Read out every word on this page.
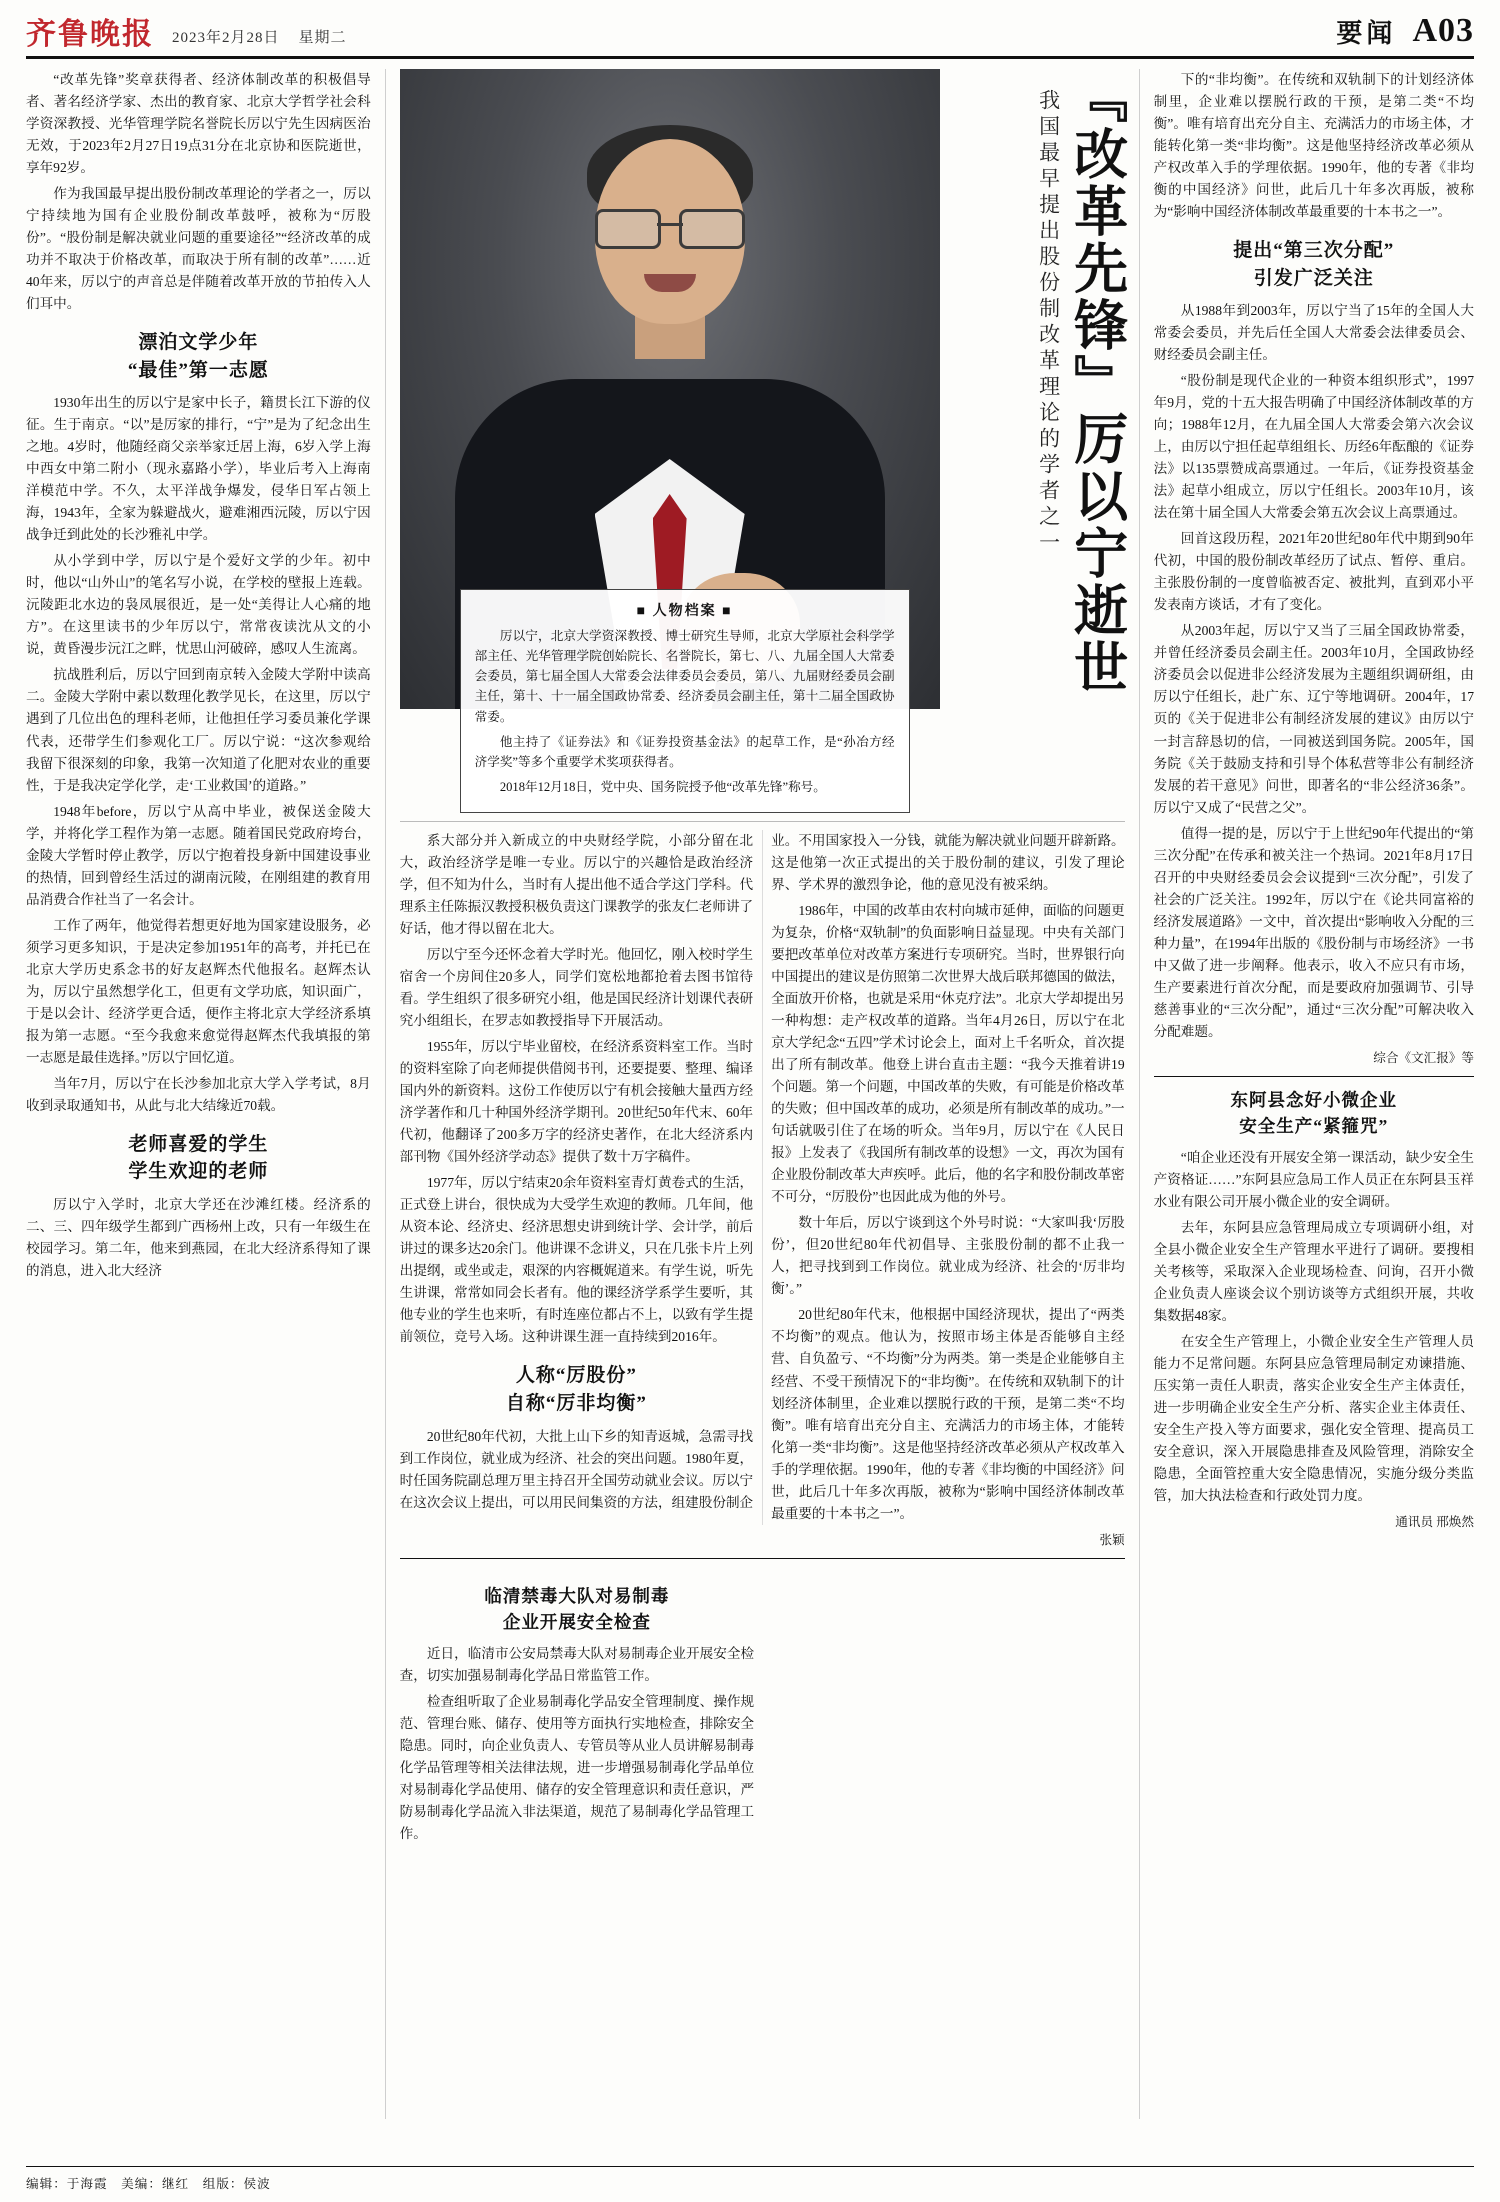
齐鲁晚报 2023年2月28日 星期二	要闻 A03

“改革先锋”奖章获得者、经济体制改革的积极倡导者、著名经济学家、杰出的教育家、北京大学哲学社会科学资深教授、光华管理学院名誉院长厉以宁先生因病医治无效，于2023年2月27日19点31分在北京协和医院逝世，享年92岁。

作为我国最早提出股份制改革理论的学者之一，厉以宁持续地为国有企业股份制改革鼓呼，被称为“厉股份”。“股份制是解决就业问题的重要途径”“经济改革的成功并不取决于价格改革，而取决于所有制的改革”……近40年来，厉以宁的声音总是伴随着改革开放的节拍传入人们耳中。

漂泊文学少年
“最佳”第一志愿

1930年出生的厉以宁是家中长子，籍贯长江下游的仪征。生于南京。“以”是厉家的排行，“宁”是为了纪念出生之地。4岁时，他随经商父亲举家迁居上海，6岁入学上海中西女中第二附小（现永嘉路小学），毕业后考入上海南洋模范中学。不久，太平洋战争爆发，侵华日军占领上海，1943年，全家为躲避战火，避难湘西沅陵，厉以宁因战争迁到此处的长沙雅礼中学。

从小学到中学，厉以宁是个爱好文学的少年。初中时，他以“山外山”的笔名写小说，在学校的壁报上连载。沅陵距北水边的袅凤展很近，是一处“美得让人心痛的地方”。在这里读书的少年厉以宁，常常夜读沈从文的小说，黄昏漫步沅江之畔，忧思山河破碎，感叹人生流离。

抗战胜利后，厉以宁回到南京转入金陵大学附中读高二。金陵大学附中素以数理化教学见长，在这里，厉以宁遇到了几位出色的理科老师，让他担任学习委员兼化学课代表，还带学生们参观化工厂。厉以宁说：“这次参观给我留下很深刻的印象，我第一次知道了化肥对农业的重要性，于是我决定学化学，走‘工业救国’的道路。”

1948年before，厉以宁从高中毕业，被保送金陵大学，并将化学工程作为第一志愿。随着国民党政府垮台，金陵大学暂时停止教学，厉以宁抱着投身新中国建设事业的热情，回到曾经生活过的湖南沅陵，在刚组建的教育用品消费合作社当了一名会计。

工作了两年，他觉得若想更好地为国家建设服务，必须学习更多知识，于是决定参加1951年的高考，并托已在北京大学历史系念书的好友赵辉杰代他报名。赵辉杰认为，厉以宁虽然想学化工，但更有文学功底，知识面广，于是以会计、经济学更合适，便作主将北京大学经济系填报为第一志愿。“至今我愈来愈觉得赵辉杰代我填报的第一志愿是最佳选择。”厉以宁回忆道。

当年7月，厉以宁在长沙参加北京大学入学考试，8月收到录取通知书，从此与北大结缘近70载。

老师喜爱的学生
学生欢迎的老师

厉以宁入学时，北京大学还在沙滩红楼。经济系的二、三、四年级学生都到广西杨州上改，只有一年级生在校园学习。第二年，他来到燕园，在北大经济系得知了课的消息，进入北大经济

■ 人物档案 ■

厉以宁，北京大学资深教授、博士研究生导师，北京大学原社会科学学部主任、光华管理学院创始院长、名誉院长，第七、八、九届全国人大常委会委员，第七届全国人大常委会法律委员会委员，第八、九届财经委员会副主任，第十、十一届全国政协常委、经济委员会副主任，第十二届全国政协常委。

他主持了《证券法》和《证券投资基金法》的起草工作，是“孙冶方经济学奖”等多个重要学术奖项获得者。

2018年12月18日，党中央、国务院授予他“改革先锋”称号。

『改革先锋』厉以宁逝世
我国最早提出股份制改革理论的学者之一

系大部分并入新成立的中央财经学院，小部分留在北大，政治经济学是唯一专业。厉以宁的兴趣恰是政治经济学，但不知为什么，当时有人提出他不适合学这门学科。代理系主任陈振汉教授积极负责这门课教学的张友仁老师讲了好话，他才得以留在北大。

厉以宁至今还怀念着大学时光。他回忆，刚入校时学生宿舍一个房间住20多人，同学们宽松地都抢着去图书馆待看。学生组织了很多研究小组，他是国民经济计划课代表研究小组组长，在罗志如教授指导下开展活动。

1955年，厉以宁毕业留校，在经济系资料室工作。当时的资料室除了向老师提供借阅书刊，还要提要、整理、编译国内外的新资料。这份工作使厉以宁有机会接触大量西方经济学著作和几十种国外经济学期刊。20世纪50年代末、60年代初，他翻译了200多万字的经济史著作，在北大经济系内部刊物《国外经济学动态》提供了数十万字稿件。

1977年，厉以宁结束20余年资料室青灯黄卷式的生活，正式登上讲台，很快成为大受学生欢迎的教师。几年间，他从资本论、经济史、经济思想史讲到统计学、会计学，前后讲过的课多达20余门。他讲课不念讲义，只在几张卡片上列出提纲，或坐或走，艰深的内容概娓道来。有学生说，听先生讲课，常常如同会长者有。他的课经济学系学生要听，其他专业的学生也来听，有时连座位都占不上，以致有学生提前领位，竞号入场。这种讲课生涯一直持续到2016年。

人称“厉股份”
自称“厉非均衡”

20世纪80年代初，大批上山下乡的知青返城，急需寻找到工作岗位，就业成为经济、社会的突出问题。1980年夏，时任国务院副总理万里主持召开全国劳动就业会议。厉以宁在这次会议上提出，可以用民间集资的方法，组建股份制企业。不用国家投入一分钱，就能为解决就业问题开辟新路。这是他第一次正式提出的关于股份制的建议，引发了理论界、学术界的激烈争论，他的意见没有被采纳。

1986年，中国的改革由农村向城市延伸，面临的问题更为复杂，价格“双轨制”的负面影响日益显现。中央有关部门要把改革单位对改革方案进行专项研究。当时，世界银行向中国提出的建议是仿照第二次世界大战后联邦德国的做法，全面放开价格，也就是采用“休克疗法”。北京大学却提出另一种构想：走产权改革的道路。当年4月26日，厉以宁在北京大学纪念“五四”学术讨论会上，面对上千名听众，首次提出了所有制改革。他登上讲台直击主题：“我今天推着讲19个问题。第一个问题，中国改革的失败，有可能是价格改革的失败；但中国改革的成功，必须是所有制改革的成功。”一句话就吸引住了在场的听众。当年9月，厉以宁在《人民日报》上发表了《我国所有制改革的设想》一文，再次为国有企业股份制改革大声疾呼。此后，他的名字和股份制改革密不可分，“厉股份”也因此成为他的外号。

数十年后，厉以宁谈到这个外号时说：“大家叫我‘厉股份’，但20世纪80年代初倡导、主张股份制的都不止我一人，把寻找到到工作岗位。就业成为经济、社会的‘厉非均衡’。”

20世纪80年代末，他根据中国经济现状，提出了“两类不均衡”的观点。他认为，按照市场主体是否能够自主经营、自负盈亏、“不均衡”分为两类。第一类是企业能够自主经营、不受干预情况下的“非均衡”。在传统和双轨制下的计划经济体制里，企业难以摆脱行政的干预，是第二类“不均衡”。唯有培育出充分自主、充满活力的市场主体，才能转化第一类“非均衡”。这是他坚持经济改革必须从产权改革入手的学理依据。1990年，他的专著《非均衡的中国经济》问世，此后几十年多次再版，被称为“影响中国经济体制改革最重要的十本书之一”。

张颖
临清禁毒大队对易制毒
企业开展安全检查

近日，临清市公安局禁毒大队对易制毒企业开展安全检查，切实加强易制毒化学品日常监管工作。

检查组听取了企业易制毒化学品安全管理制度、操作规范、管理台账、储存、使用等方面执行实地检查，排除安全隐患。同时，向企业负责人、专管员等从业人员讲解易制毒化学品管理等相关法律法规，进一步增强易制毒化学品单位对易制毒化学品使用、储存的安全管理意识和责任意识，严防易制毒化学品流入非法渠道，规范了易制毒化学品管理工作。

下的“非均衡”。在传统和双轨制下的计划经济体制里，企业难以摆脱行政的干预，是第二类“不均衡”。唯有培育出充分自主、充满活力的市场主体，才能转化第一类“非均衡”。这是他坚持经济改革必须从产权改革入手的学理依据。1990年，他的专著《非均衡的中国经济》问世，此后几十年多次再版，被称为“影响中国经济体制改革最重要的十本书之一”。

提出“第三次分配”
引发广泛关注

从1988年到2003年，厉以宁当了15年的全国人大常委会委员，并先后任全国人大常委会法律委员会、财经委员会副主任。

“股份制是现代企业的一种资本组织形式”，1997年9月，党的十五大报告明确了中国经济体制改革的方向；1988年12月，在九届全国人大常委会第六次会议上，由厉以宁担任起草组组长、历经6年酝酿的《证券法》以135票赞成高票通过。一年后，《证券投资基金法》起草小组成立，厉以宁任组长。2003年10月，该法在第十届全国人大常委会第五次会议上高票通过。

回首这段历程，2021年20世纪80年代中期到90年代初，中国的股份制改革经历了试点、暂停、重启。主张股份制的一度曾临被否定、被批判，直到邓小平发表南方谈话，才有了变化。

从2003年起，厉以宁又当了三届全国政协常委，并曾任经济委员会副主任。2003年10月，全国政协经济委员会以促进非公经济发展为主题组织调研组，由厉以宁任组长，赴广东、辽宁等地调研。2004年，17页的《关于促进非公有制经济发展的建议》由厉以宁一封言辞恳切的信，一同被送到国务院。2005年，国务院《关于鼓励支持和引导个体私营等非公有制经济发展的若干意见》问世，即著名的“非公经济36条”。厉以宁又成了“民营之父”。

值得一提的是，厉以宁于上世纪90年代提出的“第三次分配”在传承和被关注一个热词。2021年8月17日召开的中央财经委员会会议提到“三次分配”，引发了社会的广泛关注。1992年，厉以宁在《论共同富裕的经济发展道路》一文中，首次提出“影响收入分配的三种力量”，在1994年出版的《股份制与市场经济》一书中又做了进一步阐释。他表示，收入不应只有市场，生产要素进行首次分配，而是要政府加强调节、引导慈善事业的“三次分配”，通过“三次分配”可解决收入分配难题。

综合《文汇报》等
东阿县念好小微企业
安全生产“紧箍咒”

“咱企业还没有开展安全第一课活动，缺少安全生产资格证……”东阿县应急局工作人员正在东阿县玉祥水业有限公司开展小微企业的安全调研。

去年，东阿县应急管理局成立专项调研小组，对全县小微企业安全生产管理水平进行了调研。要搜相关考核等，采取深入企业现场检查、问询，召开小微企业负责人座谈会议个别访谈等方式组织开展，共收集数据48家。

在安全生产管理上，小微企业安全生产管理人员能力不足常问题。东阿县应急管理局制定劝谏措施、压实第一责任人职责，落实企业安全生产主体责任，进一步明确企业安全生产分析、落实企业主体责任、安全生产投入等方面要求，强化安全管理、提高员工安全意识，深入开展隐患排查及风险管理，消除安全隐患，全面管控重大安全隐患情况，实施分级分类监管，加大执法检查和行政处罚力度。

通讯员 邢焕然
编辑：于海霞　美编：继红　组版：侯波
